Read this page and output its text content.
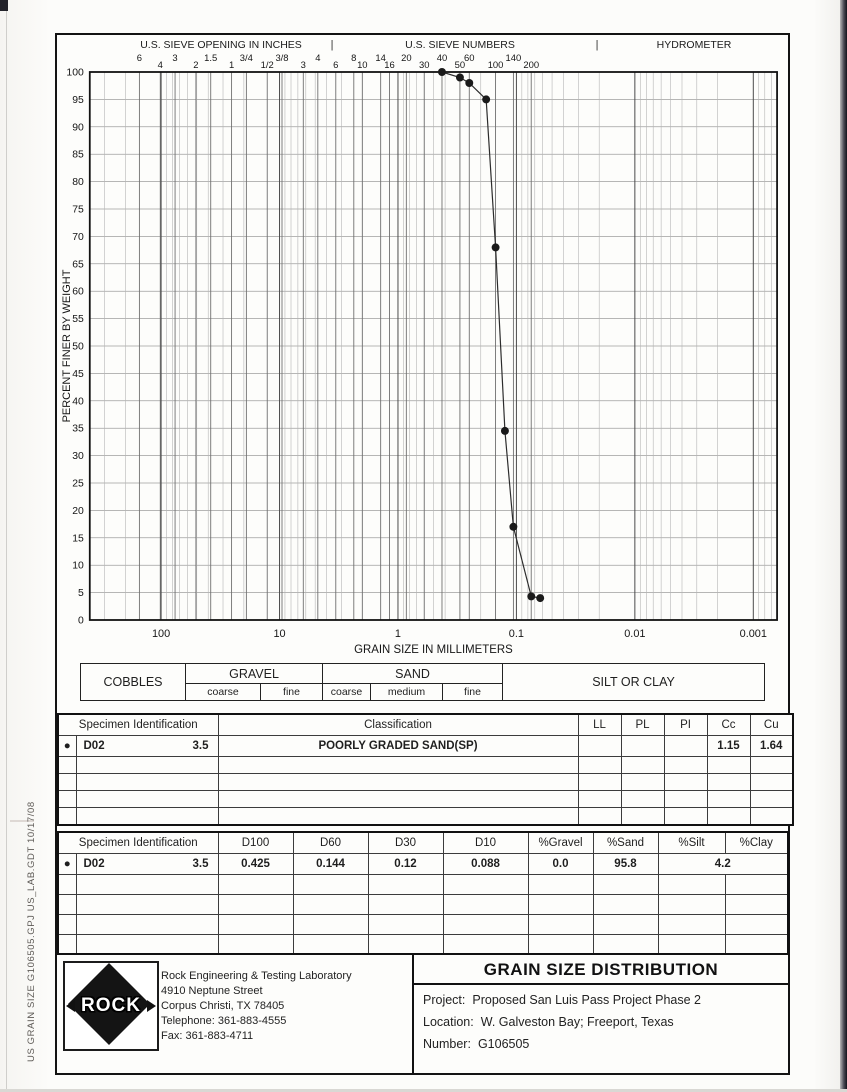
US GRAIN SIZE G106505.GPJ US_LAB.GDT 10/17/08
U.S. SIEVE OPENING IN INCHES	|	U.S. SIEVE NUMBERS	|	HYDROMETER
0
5
10
15
20
25
30
35
40
45
50
55
60
65
70
75
80
85
90
95
100
100	10	1	0.1	0.01	0.001
6
4
3
2
1.5
1
3/4
1/2
3/8
3
4
6
8
10
14
16
20
30
40
50
60
100
140
200
GRAIN SIZE IN MILLIMETERS
PERCENT FINER BY WEIGHT
COBBLES	GRAVEL		SAND			SILT OR CLAY
	coarse	fine	coarse	medium	fine	
Specimen Identification		Classification	LL	PL	PI	Cc	Cu
●	D02 3.5	POORLY GRADED SAND(SP)				1.15	1.64

Specimen Identification		D100	D60	D30	D10	%Gravel	%Sand	%Silt	%Clay
●	D02 3.5	0.425	0.144	0.12	0.088	0.0	95.8	4.2	

ROCK
Rock Engineering & Testing Laboratory
4910 Neptune Street
Corpus Christi, TX 78405
Telephone: 361-883-4555
Fax: 361-883-4711
GRAIN SIZE DISTRIBUTION
Project: Proposed San Luis Pass Project Phase 2
Location: W. Galveston Bay; Freeport, Texas
Number: G106505
